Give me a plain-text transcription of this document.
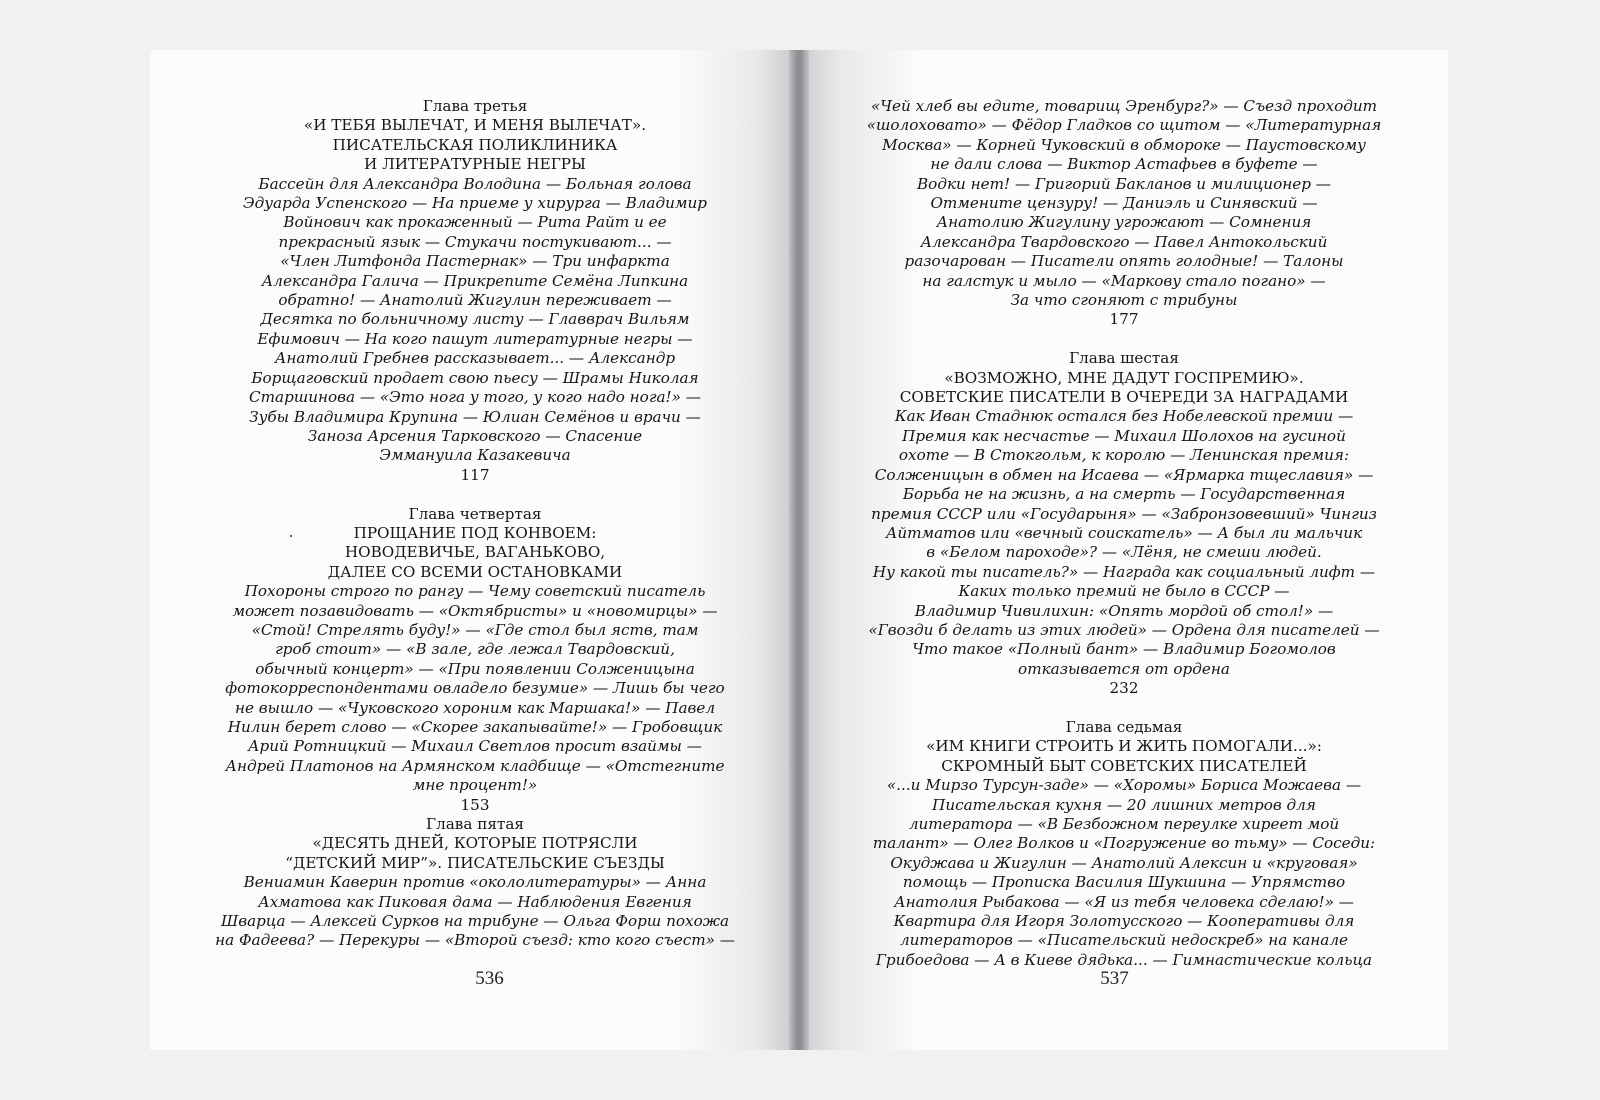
Глава третья
«И ТЕБЯ ВЫЛЕЧАТ, И МЕНЯ ВЫЛЕЧАТ».
ПИСАТЕЛЬСКАЯ ПОЛИКЛИНИКА
И ЛИТЕРАТУРНЫЕ НЕГРЫ
Бассейн для Александра Володина — Больная голова
Эдуарда Успенского — На приеме у хирурга — Владимир
Войнович как прокаженный — Рита Райт и ее
прекрасный язык — Стукачи постукивают... —
«Член Литфонда Пастернак» — Три инфаркта
Александра Галича — Прикрепите Семёна Липкина
обратно! — Анатолий Жигулин переживает —
Десятка по больничному листу — Главврач Вильям
Ефимович — На кого пашут литературные негры —
Анатолий Гребнев рассказывает... — Александр
Борщаговский продает свою пьесу — Шрамы Николая
Старшинова — «Это нога у того, у кого надо нога!» —
Зубы Владимира Крупина — Юлиан Семёнов и врачи —
Заноза Арсения Тарковского — Спасение
Эммануила Казакевича
117
Глава четвертая
ПРОЩАНИЕ ПОД КОНВОЕМ:
НОВОДЕВИЧЬЕ, ВАГАНЬКОВО,
ДАЛЕЕ СО ВСЕМИ ОСТАНОВКАМИ
Похороны строго по рангу — Чему советский писатель
может позавидовать — «Октябристы» и «новомирцы» —
«Стой! Стрелять буду!» — «Где стол был яств, там
гроб стоит» — «В зале, где лежал Твардовский,
обычный концерт» — «При появлении Солженицына
фотокорреспондентами овладело безумие» — Лишь бы чего
не вышло — «Чуковского хороним как Маршака!» — Павел
Нилин берет слово — «Скорее закапывайте!» — Гробовщик
Арий Ротницкий — Михаил Светлов просит взаймы —
Андрей Платонов на Армянском кладбище — «Отстегните
мне процент!»
153
Глава пятая
«ДЕСЯТЬ ДНЕЙ, КОТОРЫЕ ПОТРЯСЛИ
“ДЕТСКИЙ МИР”». ПИСАТЕЛЬСКИЕ СЪЕЗДЫ
Вениамин Каверин против «окололитературы» — Анна
Ахматова как Пиковая дама — Наблюдения Евгения
Шварца — Алексей Сурков на трибуне — Ольга Форш похожа
на Фадеева? — Перекуры — «Второй съезд: кто кого съест» —
536
«Чей хлеб вы едите, товарищ Эренбург?» — Съезд проходит
«шолоховато» — Фёдор Гладков со щитом — «Литературная
Москва» — Корней Чуковский в обмороке — Паустовскому
не дали слова — Виктор Астафьев в буфете —
Водки нет! — Григорий Бакланов и милиционер —
Отмените цензуру! — Даниэль и Синявский —
Анатолию Жигулину угрожают — Сомнения
Александра Твардовского — Павел Антокольский
разочарован — Писатели опять голодные! — Талоны
на галстук и мыло — «Маркову стало погано» —
За что сгоняют с трибуны
177
Глава шестая
«ВОЗМОЖНО, МНЕ ДАДУТ ГОСПРЕМИЮ».
СОВЕТСКИЕ ПИСАТЕЛИ В ОЧЕРЕДИ ЗА НАГРАДАМИ
Как Иван Стаднюк остался без Нобелевской премии —
Премия как несчастье — Михаил Шолохов на гусиной
охоте — В Стокгольм, к королю — Ленинская премия:
Солженицын в обмен на Исаева — «Ярмарка тщеславия» —
Борьба не на жизнь, а на смерть — Государственная
премия СССР или «Государыня» — «Забронзовевший» Чингиз
Айтматов или «вечный соискатель» — А был ли мальчик
в «Белом пароходе»? — «Лёня, не смеши людей.
Ну какой ты писатель?» — Награда как социальный лифт —
Каких только премий не было в СССР —
Владимир Чивилихин: «Опять мордой об стол!» —
«Гвозди б делать из этих людей» — Ордена для писателей —
Что такое «Полный бант» — Владимир Богомолов
отказывается от ордена
232
Глава седьмая
«ИМ КНИГИ СТРОИТЬ И ЖИТЬ ПОМОГАЛИ...»:
СКРОМНЫЙ БЫТ СОВЕТСКИХ ПИСАТЕЛЕЙ
«...и Мирзо Турсун-заде» — «Хоромы» Бориса Можаева —
Писательская кухня — 20 лишних метров для
литератора — «В Безбожном переулке хиреет мой
талант» — Олег Волков и «Погружение во тьму» — Соседи:
Окуджава и Жигулин — Анатолий Алексин и «круговая»
помощь — Прописка Василия Шукшина — Упрямство
Анатолия Рыбакова — «Я из тебя человека сделаю!» —
Квартира для Игоря Золотусского — Кооперативы для
литераторов — «Писательский недоскреб» на канале
Грибоедова — А в Киеве дядька... — Гимнастические кольца
537
